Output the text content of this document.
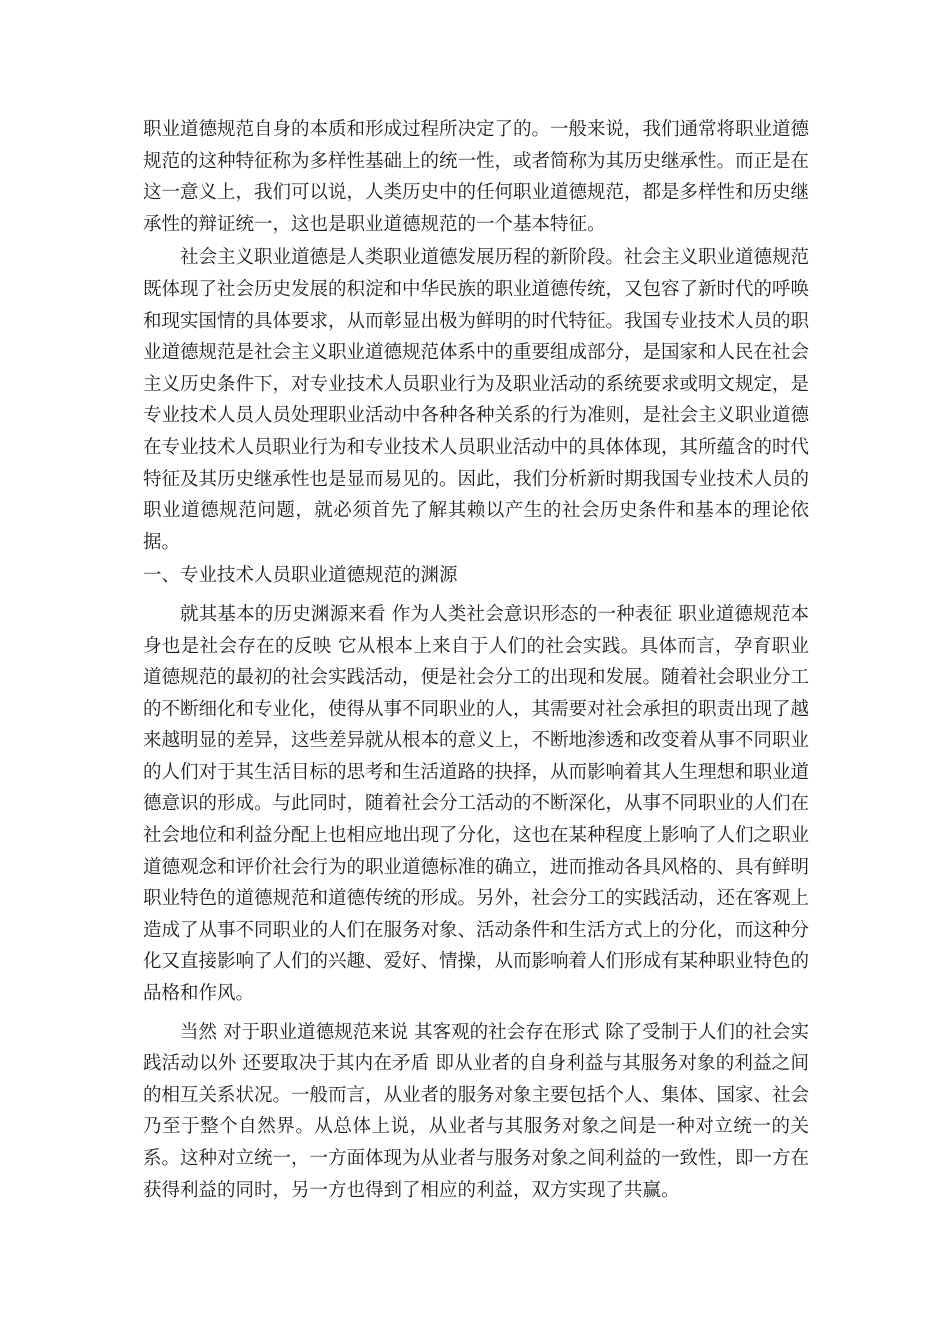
职业道德规范自身的本质和形成过程所决定了的。一般来说，我们通常将职业道德规范的这种特征称为多样性基础上的统一性，或者简称为其历史继承性。而正是在这一意义上，我们可以说，人类历史中的任何职业道德规范，都是多样性和历史继承性的辩证统一，这也是职业道德规范的一个基本特征。

社会主义职业道德是人类职业道德发展历程的新阶段。社会主义职业道德规范既体现了社会历史发展的积淀和中华民族的职业道德传统，又包容了新时代的呼唤和现实国情的具体要求，从而彰显出极为鲜明的时代特征。我国专业技术人员的职业道德规范是社会主义职业道德规范体系中的重要组成部分，是国家和人民在社会主义历史条件下，对专业技术人员职业行为及职业活动的系统要求或明文规定，是专业技术人员人员处理职业活动中各种各种关系的行为准则，是社会主义职业道德在专业技术人员职业行为和专业技术人员职业活动中的具体体现，其所蕴含的时代特征及其历史继承性也是显而易见的。因此，我们分析新时期我国专业技术人员的职业道德规范问题，就必须首先了解其赖以产生的社会历史条件和基本的理论依据。

一、专业技术人员职业道德规范的渊源

就其基本的历史渊源来看 作为人类社会意识形态的一种表征 职业道德规范本身也是社会存在的反映 它从根本上来自于人们的社会实践。具体而言，孕育职业道德规范的最初的社会实践活动，便是社会分工的出现和发展。随着社会职业分工的不断细化和专业化，使得从事不同职业的人，其需要对社会承担的职责出现了越来越明显的差异，这些差异就从根本的意义上，不断地渗透和改变着从事不同职业的人们对于其生活目标的思考和生活道路的抉择，从而影响着其人生理想和职业道德意识的形成。与此同时，随着社会分工活动的不断深化，从事不同职业的人们在社会地位和利益分配上也相应地出现了分化，这也在某种程度上影响了人们之职业道德观念和评价社会行为的职业道德标准的确立，进而推动各具风格的、具有鲜明职业特色的道德规范和道德传统的形成。另外，社会分工的实践活动，还在客观上造成了从事不同职业的人们在服务对象、活动条件和生活方式上的分化，而这种分化又直接影响了人们的兴趣、爱好、情操，从而影响着人们形成有某种职业特色的品格和作风。

当然 对于职业道德规范来说 其客观的社会存在形式 除了受制于人们的社会实践活动以外 还要取决于其内在矛盾 即从业者的自身利益与其服务对象的利益之间的相互关系状况。一般而言，从业者的服务对象主要包括个人、集体、国家、社会乃至于整个自然界。从总体上说，从业者与其服务对象之间是一种对立统一的关系。这种对立统一，一方面体现为从业者与服务对象之间利益的一致性，即一方在获得利益的同时，另一方也得到了相应的利益，双方实现了共赢。
